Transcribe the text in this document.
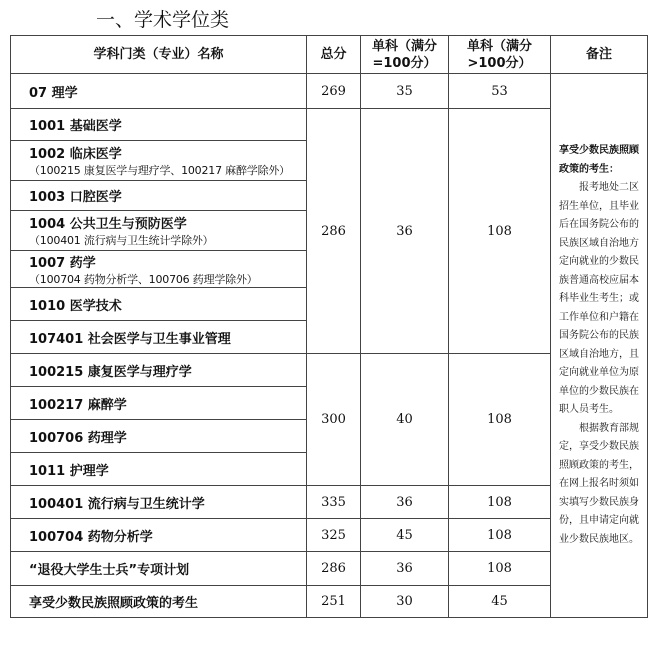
一、学术学位类
学科门类（专业）名称	总分	单科（满分=100分）	单科（满分>100分）	备注
07 理学	269	35	53	享受少数民族照顾政策的考生：
报考地处二区招生单位，且毕业后在国务院公布的民族区域自治地方定向就业的少数民族普通高校应届本科毕业生考生；或工作单位和户籍在国务院公布的民族区域自治地方，且定向就业单位为原单位的少数民族在职人员考生。
根据教育部规定，享受少数民族照顾政策的考生，在网上报名时须如实填写少数民族身份，且申请定向就业少数民族地区。

1001 基础医学	286	36	108	
1002 临床医学
（100215 康复医学与理疗学、100217 麻醉学除外）				

1003 口腔医学				
1004 公共卫生与预防医学
（100401 流行病与卫生统计学除外）				

1007 药学
（100704 药物分析学、100706 药理学除外）				

1010 医学技术				
107401 社会医学与卫生事业管理				
100215 康复医学与理疗学	300	40	108	
100217 麻醉学				
100706 药理学				
1011 护理学				
100401 流行病与卫生统计学	335	36	108	
100704 药物分析学	325	45	108	
“退役大学生士兵”专项计划	286	36	108	
享受少数民族照顾政策的考生	251	30	45	
